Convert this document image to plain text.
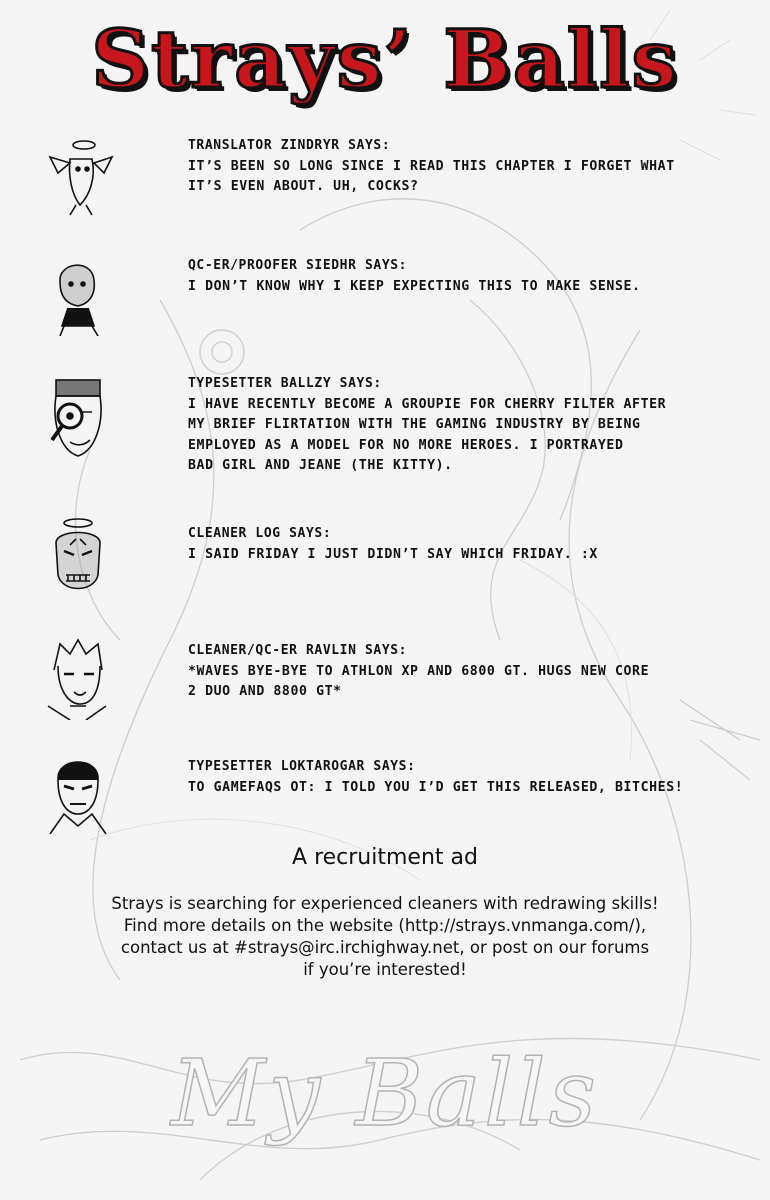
Strays’ Balls
TRANSLATOR ZINDRYR SAYS:
IT’S BEEN SO LONG SINCE I READ THIS CHAPTER I FORGET WHAT
IT’S EVEN ABOUT. UH, COCKS?
QC-ER/PROOFER SIEDHR SAYS:
I DON’T KNOW WHY I KEEP EXPECTING THIS TO MAKE SENSE.
TYPESETTER BALLZY SAYS:
I HAVE RECENTLY BECOME A GROUPIE FOR CHERRY FILTER AFTER
MY BRIEF FLIRTATION WITH THE GAMING INDUSTRY BY BEING
EMPLOYED AS A MODEL FOR NO MORE HEROES. I PORTRAYED
BAD GIRL AND JEANE (THE KITTY).
CLEANER LOG SAYS:
I SAID FRIDAY I JUST DIDN’T SAY WHICH FRIDAY. :X
CLEANER/QC-ER RAVLIN SAYS:
*WAVES BYE-BYE TO ATHLON XP AND 6800 GT. HUGS NEW CORE
2 DUO AND 8800 GT*
TYPESETTER LOKTAROGAR SAYS:
TO GAMEFAQS OT: I TOLD YOU I’D GET THIS RELEASED, BITCHES!
A recruitment ad
Strays is searching for experienced cleaners with redrawing skills!
Find more details on the website (http://strays.vnmanga.com/),
contact us at #strays@irc.irchighway.net, or post on our forums
if you’re interested!
My Balls
